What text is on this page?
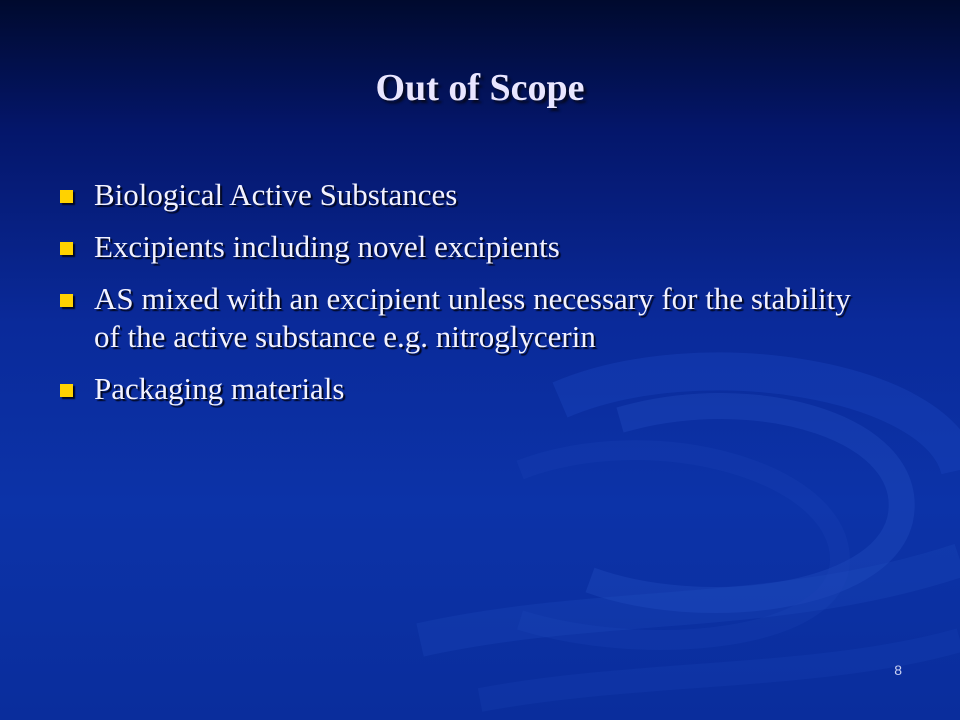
Out of Scope
Biological Active Substances
Excipients including novel excipients
AS mixed with an excipient unless necessary for the stability of the active substance e.g. nitroglycerin
Packaging materials
8
